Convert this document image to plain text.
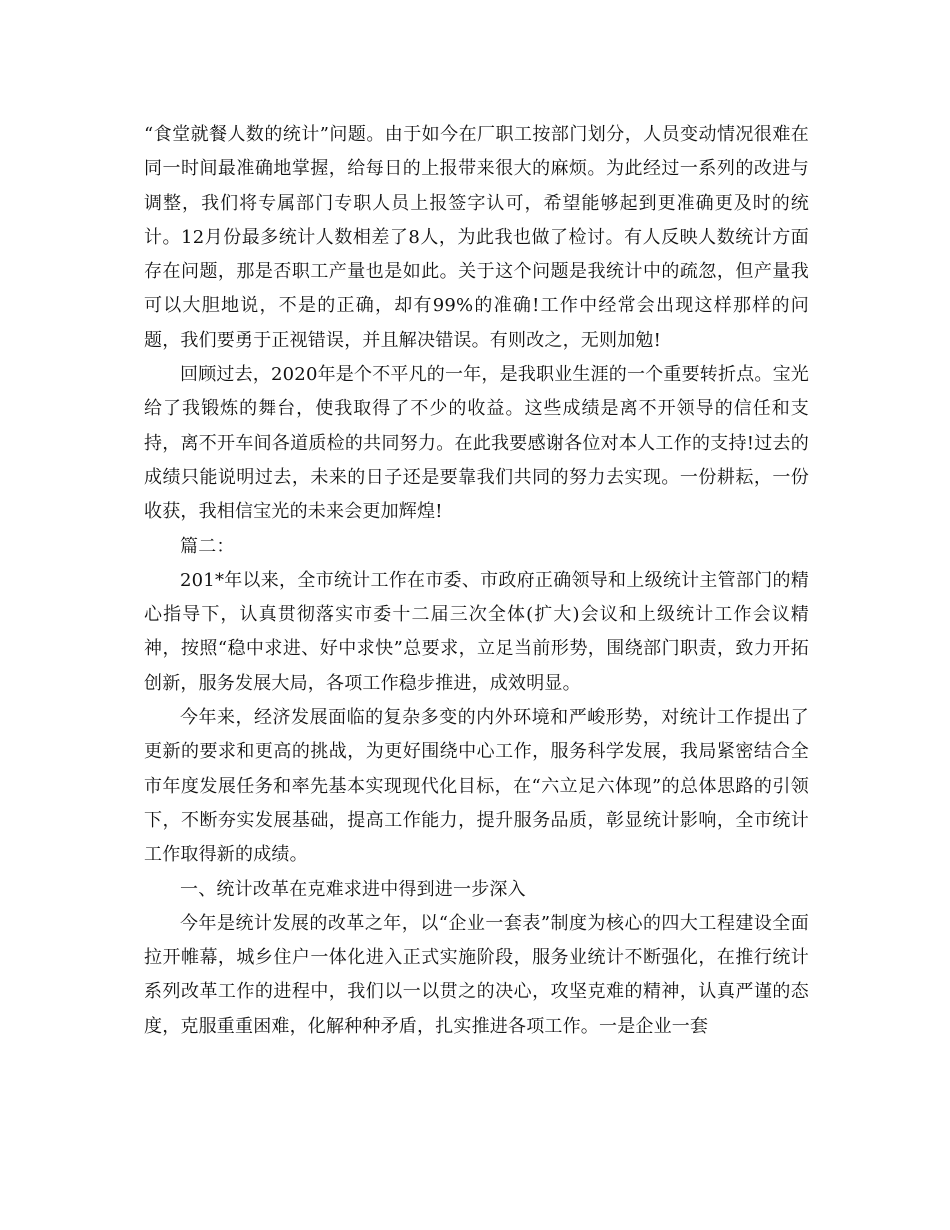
“食堂就餐人数的统计”问题。由于如今在厂职工按部门划分，人员变动情况很难在同一时间最准确地掌握，给每日的上报带来很大的麻烦。为此经过一系列的改进与调整，我们将专属部门专职人员上报签字认可，希望能够起到更准确更及时的统计。12月份最多统计人数相差了8人，为此我也做了检讨。有人反映人数统计方面存在问题，那是否职工产量也是如此。关于这个问题是我统计中的疏忽，但产量我可以大胆地说，不是的正确，却有99%的准确!工作中经常会出现这样那样的问题，我们要勇于正视错误，并且解决错误。有则改之，无则加勉!

回顾过去，2020年是个不平凡的一年，是我职业生涯的一个重要转折点。宝光给了我锻炼的舞台，使我取得了不少的收益。这些成绩是离不开领导的信任和支持，离不开车间各道质检的共同努力。在此我要感谢各位对本人工作的支持!过去的成绩只能说明过去，未来的日子还是要靠我们共同的努力去实现。一份耕耘，一份收获，我相信宝光的未来会更加辉煌!

篇二：

201*年以来，全市统计工作在市委、市政府正确领导和上级统计主管部门的精心指导下，认真贯彻落实市委十二届三次全体(扩大)会议和上级统计工作会议精神，按照“稳中求进、好中求快”总要求，立足当前形势，围绕部门职责，致力开拓创新，服务发展大局，各项工作稳步推进，成效明显。

今年来，经济发展面临的复杂多变的内外环境和严峻形势，对统计工作提出了更新的要求和更高的挑战，为更好围绕中心工作，服务科学发展，我局紧密结合全市年度发展任务和率先基本实现现代化目标，在“六立足六体现”的总体思路的引领下，不断夯实发展基础，提高工作能力，提升服务品质，彰显统计影响，全市统计工作取得新的成绩。

一、统计改革在克难求进中得到进一步深入

今年是统计发展的改革之年，以“企业一套表”制度为核心的四大工程建设全面拉开帷幕，城乡住户一体化进入正式实施阶段，服务业统计不断强化，在推行统计系列改革工作的进程中，我们以一以贯之的决心，攻坚克难的精神，认真严谨的态度，克服重重困难，化解种种矛盾，扎实推进各项工作。一是企业一套
